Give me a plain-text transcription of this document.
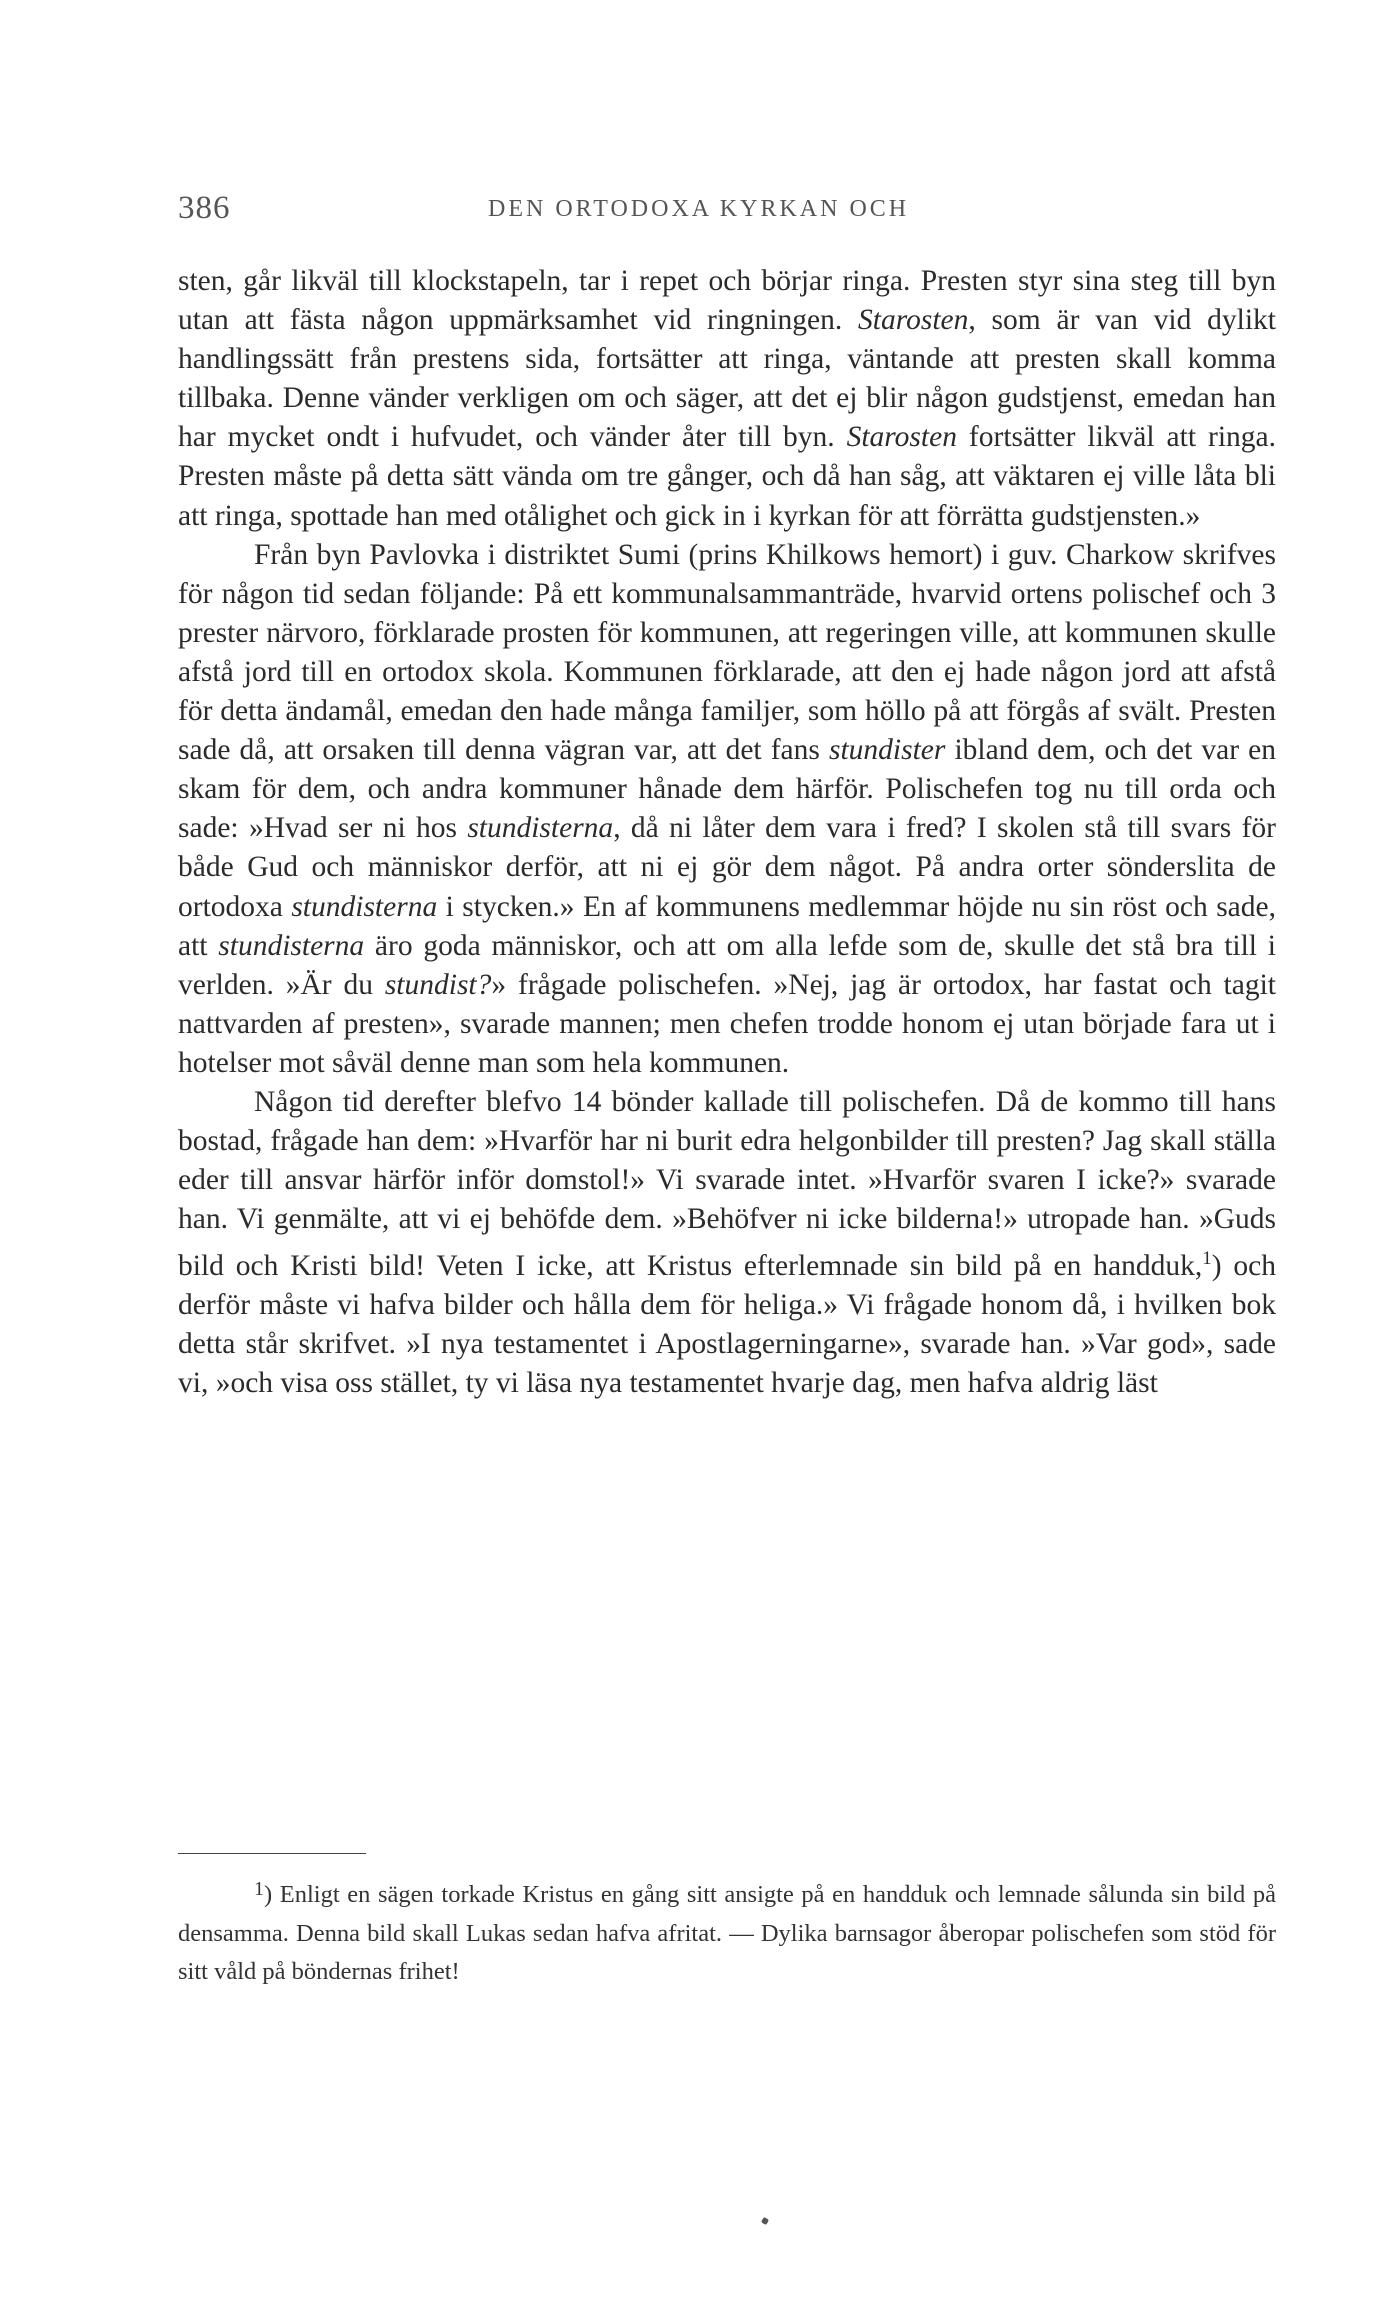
386	DEN ORTODOXA KYRKAN OCH

sten, går likväl till klockstapeln, tar i repet och börjar ringa. Presten styr sina steg till byn utan att fästa någon uppmärksamhet vid ringningen. Starosten, som är van vid dylikt handlingssätt från prestens sida, fortsätter att ringa, väntande att presten skall komma tillbaka. Denne vänder verkligen om och säger, att det ej blir någon gudstjenst, emedan han har mycket ondt i hufvudet, och vänder åter till byn. Starosten fortsätter likväl att ringa. Presten måste på detta sätt vända om tre gånger, och då han såg, att väktaren ej ville låta bli att ringa, spottade han med otålighet och gick in i kyrkan för att förrätta gudstjensten.»

Från byn Pavlovka i distriktet Sumi (prins Khilkows hemort) i guv. Charkow skrifves för någon tid sedan följande: På ett kommunalsammanträde, hvarvid ortens polischef och 3 prester närvoro, förklarade prosten för kommunen, att regeringen ville, att kommunen skulle afstå jord till en ortodox skola. Kommunen förklarade, att den ej hade någon jord att afstå för detta ändamål, emedan den hade många familjer, som höllo på att förgås af svält. Presten sade då, att orsaken till denna vägran var, att det fans stundister ibland dem, och det var en skam för dem, och andra kommuner hånade dem härför. Polischefen tog nu till orda och sade: »Hvad ser ni hos stundisterna, då ni låter dem vara i fred? I skolen stå till svars för både Gud och människor derför, att ni ej gör dem något. På andra orter sönderslita de ortodoxa stundisterna i stycken.» En af kommunens medlemmar höjde nu sin röst och sade, att stundisterna äro goda människor, och att om alla lefde som de, skulle det stå bra till i verlden. »Är du stundist?» frågade polischefen. »Nej, jag är ortodox, har fastat och tagit nattvarden af presten», svarade mannen; men chefen trodde honom ej utan började fara ut i hotelser mot såväl denne man som hela kommunen.

Någon tid derefter blefvo 14 bönder kallade till polischefen. Då de kommo till hans bostad, frågade han dem: »Hvarför har ni burit edra helgonbilder till presten? Jag skall ställa eder till ansvar härför inför domstol!» Vi svarade intet. »Hvarför svaren I icke?» svarade han. Vi genmälte, att vi ej behöfde dem. »Behöfver ni icke bilderna!» utropade han. »Guds bild och Kristi bild! Veten I icke, att Kristus efterlemnade sin bild på en handduk,$^1$) och derför måste vi hafva bilder och hålla dem för heliga.» Vi frågade honom då, i hvilken bok detta står skrifvet. »I nya testamentet i Apostlagerningarne», svarade han. »Var god», sade vi, »och visa oss stället, ty vi läsa nya testamentet hvarje dag, men hafva aldrig läst

$^1$) Enligt en sägen torkade Kristus en gång sitt ansigte på en handduk och lemnade sålunda sin bild på densamma. Denna bild skall Lukas sedan hafva afritat. — Dylika barnsagor åberopar polischefen som stöd för sitt våld på böndernas frihet!
